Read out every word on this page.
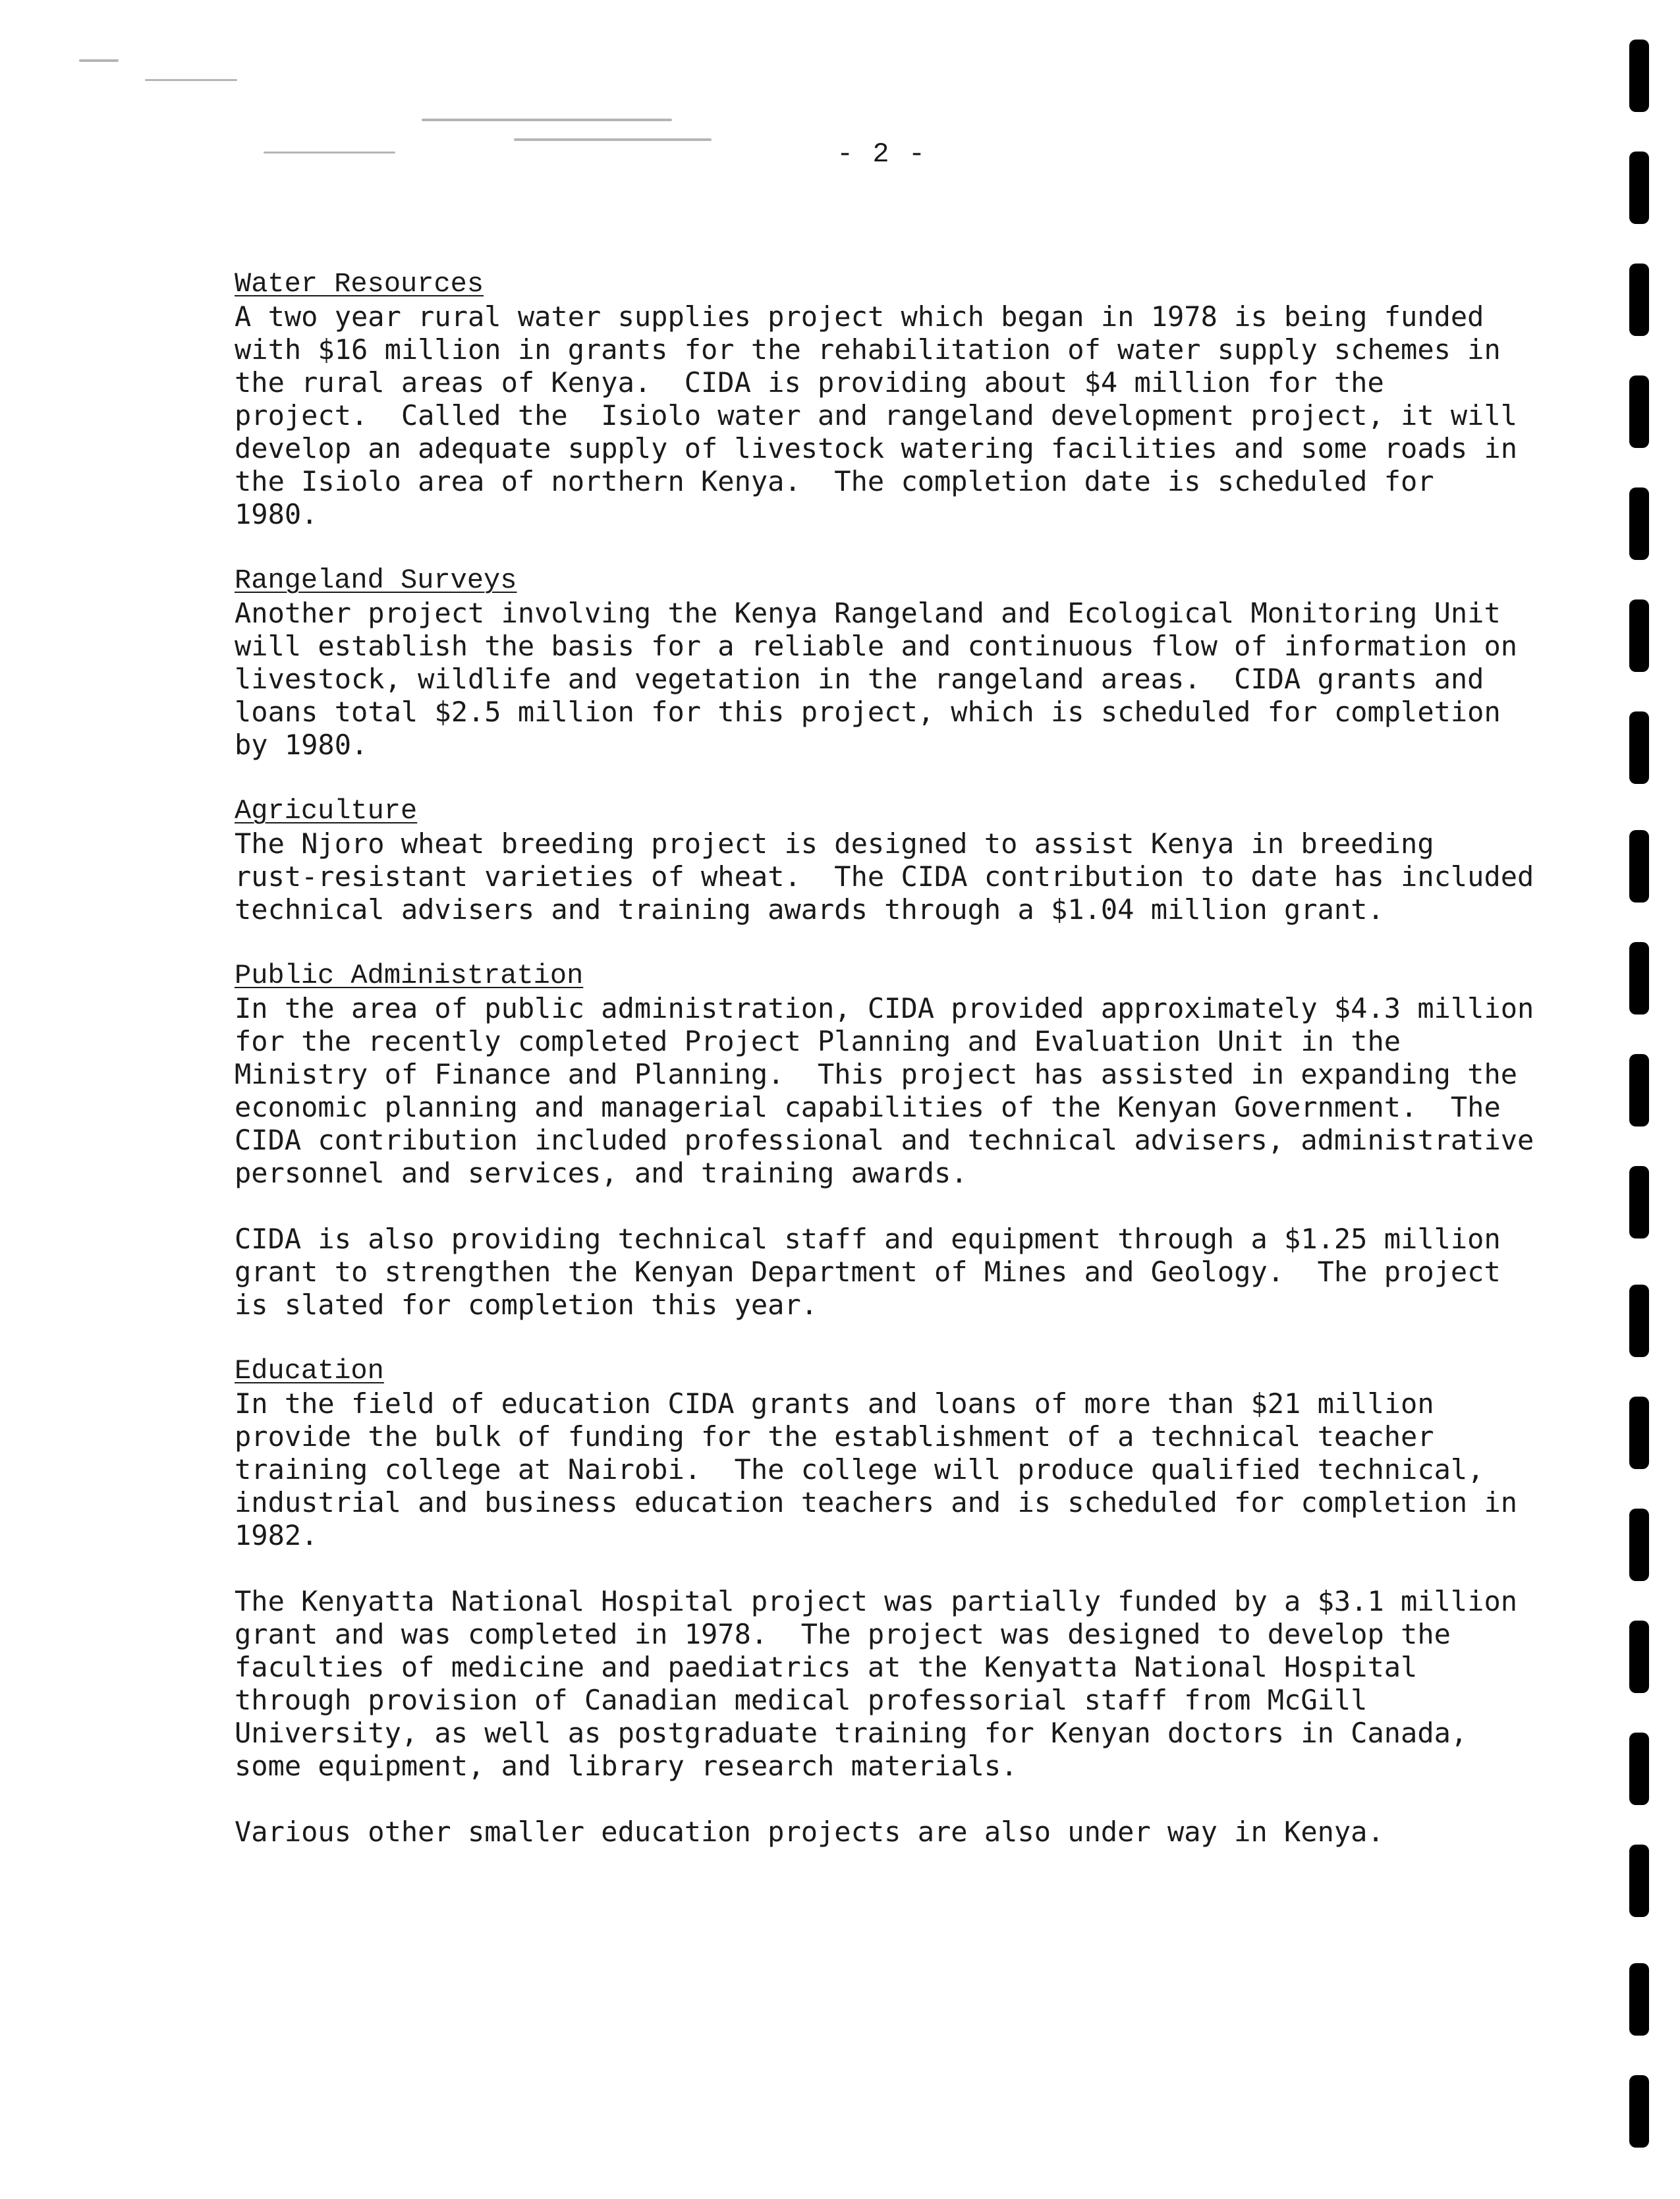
- 2 -
Water Resources
A two year rural water supplies project which began in 1978 is being funded
with $16 million in grants for the rehabilitation of water supply schemes in
the rural areas of Kenya.  CIDA is providing about $4 million for the
project.  Called the  Isiolo water and rangeland development project, it will
develop an adequate supply of livestock watering facilities and some roads in
the Isiolo area of northern Kenya.  The completion date is scheduled for
1980.
Rangeland Surveys
Another project involving the Kenya Rangeland and Ecological Monitoring Unit
will establish the basis for a reliable and continuous flow of information on
livestock, wildlife and vegetation in the rangeland areas.  CIDA grants and
loans total $2.5 million for this project, which is scheduled for completion
by 1980.
Agriculture
The Njoro wheat breeding project is designed to assist Kenya in breeding
rust-resistant varieties of wheat.  The CIDA contribution to date has included
technical advisers and training awards through a $1.04 million grant.
Public Administration
In the area of public administration, CIDA provided approximately $4.3 million
for the recently completed Project Planning and Evaluation Unit in the
Ministry of Finance and Planning.  This project has assisted in expanding the
economic planning and managerial capabilities of the Kenyan Government.  The
CIDA contribution included professional and technical advisers, administrative
personnel and services, and training awards.
CIDA is also providing technical staff and equipment through a $1.25 million
grant to strengthen the Kenyan Department of Mines and Geology.  The project
is slated for completion this year.
Education
In the field of education CIDA grants and loans of more than $21 million
provide the bulk of funding for the establishment of a technical teacher
training college at Nairobi.  The college will produce qualified technical,
industrial and business education teachers and is scheduled for completion in
1982.
The Kenyatta National Hospital project was partially funded by a $3.1 million
grant and was completed in 1978.  The project was designed to develop the
faculties of medicine and paediatrics at the Kenyatta National Hospital
through provision of Canadian medical professorial staff from McGill
University, as well as postgraduate training for Kenyan doctors in Canada,
some equipment, and library research materials.
Various other smaller education projects are also under way in Kenya.
